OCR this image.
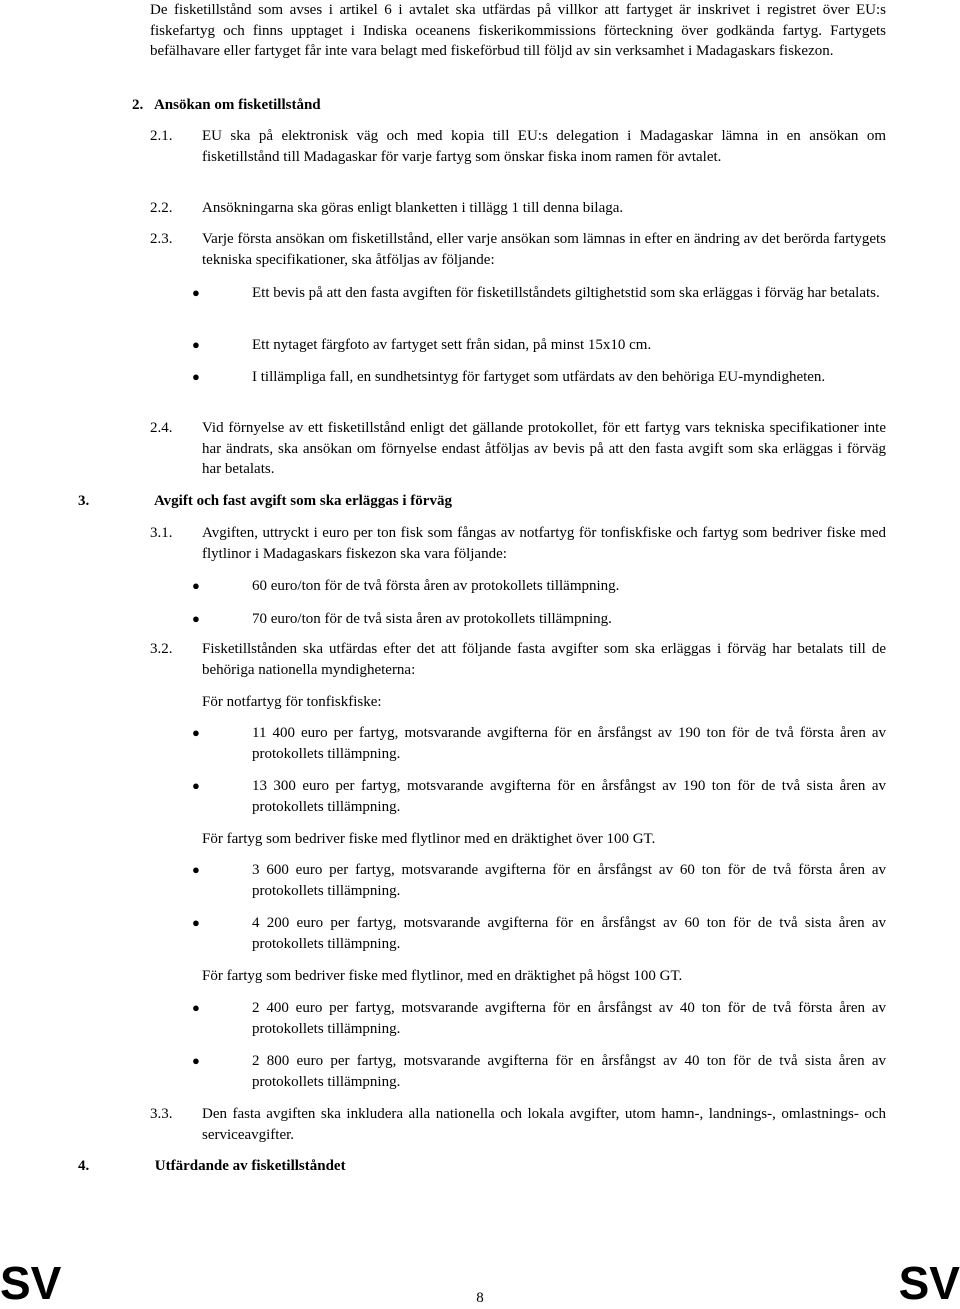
De fisketillstånd som avses i artikel 6 i avtalet ska utfärdas på villkor att fartyget är inskrivet i registret över EU:s fiskefartyg och finns upptaget i Indiska oceanens fiskerikommissions förteckning över godkända fartyg. Fartygets befälhavare eller fartyget får inte vara belagt med fiskeförbud till följd av sin verksamhet i Madagaskars fiskezon.

2. Ansökan om fisketillstånd
2.1.	EU ska på elektronisk väg och med kopia till EU:s delegation i Madagaskar lämna in en ansökan om fisketillstånd till Madagaskar för varje fartyg som önskar fiska inom ramen för avtalet.

2.2.	Ansökningarna ska göras enligt blanketten i tillägg 1 till denna bilaga.

2.3.	Varje första ansökan om fisketillstånd, eller varje ansökan som lämnas in efter en ändring av det berörda fartygets tekniska specifikationer, ska åtföljas av följande:

●	Ett bevis på att den fasta avgiften för fisketillståndets giltighetstid som ska erläggas i förväg har betalats.

●	Ett nytaget färgfoto av fartyget sett från sidan, på minst 15x10 cm.

●	I tillämpliga fall, en sundhetsintyg för fartyget som utfärdats av den behöriga EU-myndigheten.

2.4.	Vid förnyelse av ett fisketillstånd enligt det gällande protokollet, för ett fartyg vars tekniska specifikationer inte har ändrats, ska ansökan om förnyelse endast åtföljas av bevis på att den fasta avgift som ska erläggas i förväg har betalats.

3.	Avgift och fast avgift som ska erläggas i förväg
3.1.	Avgiften, uttryckt i euro per ton fisk som fångas av notfartyg för tonfiskfiske och fartyg som bedriver fiske med flytlinor i Madagaskars fiskezon ska vara följande:

●	60 euro/ton för de två första åren av protokollets tillämpning.

●	70 euro/ton för de två sista åren av protokollets tillämpning.

3.2.	Fisketillstånden ska utfärdas efter det att följande fasta avgifter som ska erläggas i förväg har betalats till de behöriga nationella myndigheterna:

För notfartyg för tonfiskfiske:

●	11 400 euro per fartyg, motsvarande avgifterna för en årsfångst av 190 ton för de två första åren av protokollets tillämpning.

●	13 300 euro per fartyg, motsvarande avgifterna för en årsfångst av 190 ton för de två sista åren av protokollets tillämpning.

För fartyg som bedriver fiske med flytlinor med en dräktighet över 100 GT.

●	3 600 euro per fartyg, motsvarande avgifterna för en årsfångst av 60 ton för de två första åren av protokollets tillämpning.

●	4 200 euro per fartyg, motsvarande avgifterna för en årsfångst av 60 ton för de två sista åren av protokollets tillämpning.

För fartyg som bedriver fiske med flytlinor, med en dräktighet på högst 100 GT.

●	2 400 euro per fartyg, motsvarande avgifterna för en årsfångst av 40 ton för de två första åren av protokollets tillämpning.

●	2 800 euro per fartyg, motsvarande avgifterna för en årsfångst av 40 ton för de två sista åren av protokollets tillämpning.

3.3.	Den fasta avgiften ska inkludera alla nationella och lokala avgifter, utom hamn-, landnings-, omlastnings- och serviceavgifter.

4.	Utfärdande av fisketillståndet
SV	8	SV
